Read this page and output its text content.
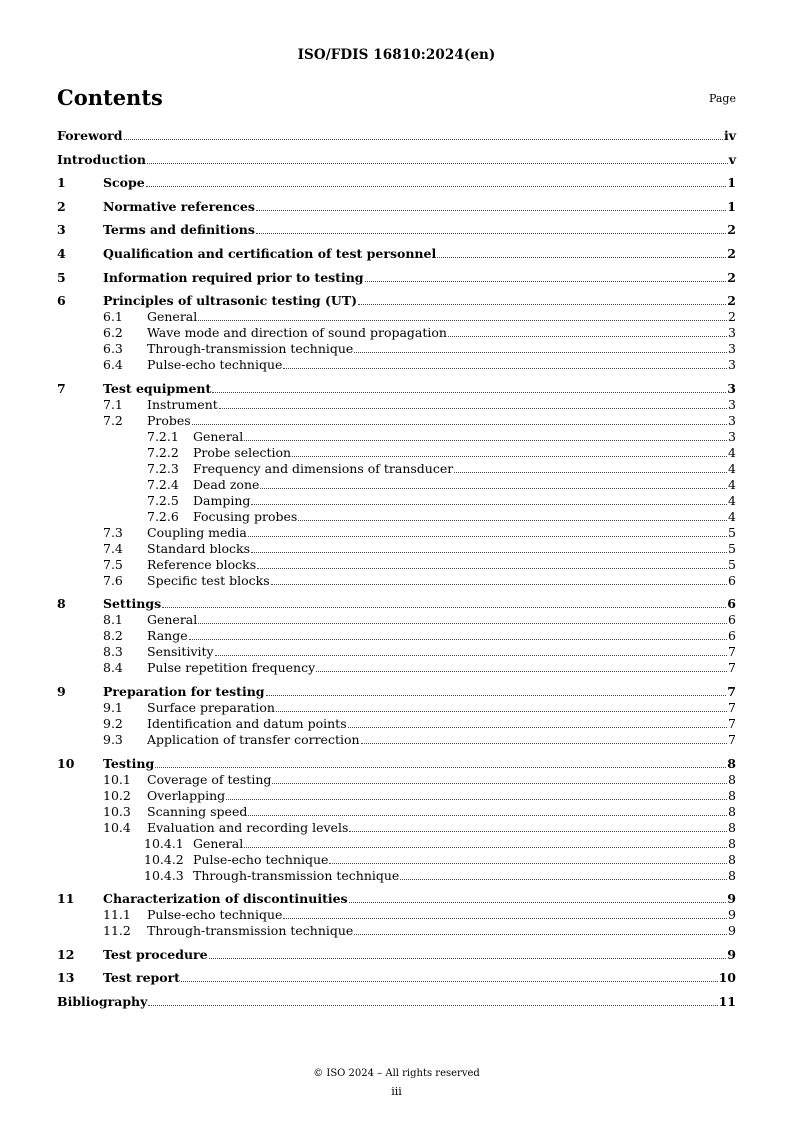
ISO/FDIS 16810:2024(en)
Contents	Page
Foreword	iv
Introduction	v
1	Scope	1
2	Normative references	1
3	Terms and definitions	2
4	Qualification and certification of test personnel	2
5	Information required prior to testing	2
6	Principles of ultrasonic testing (UT)	2
6.1	General	2
6.2	Wave mode and direction of sound propagation	3
6.3	Through-transmission technique	3
6.4	Pulse-echo technique	3
7	Test equipment	3
7.1	Instrument	3
7.2	Probes	3
7.2.1	General	3
7.2.2	Probe selection	4
7.2.3	Frequency and dimensions of transducer	4
7.2.4	Dead zone	4
7.2.5	Damping	4
7.2.6	Focusing probes	4
7.3	Coupling media	5
7.4	Standard blocks	5
7.5	Reference blocks	5
7.6	Specific test blocks	6
8	Settings	6
8.1	General	6
8.2	Range	6
8.3	Sensitivity	7
8.4	Pulse repetition frequency	7
9	Preparation for testing	7
9.1	Surface preparation	7
9.2	Identification and datum points	7
9.3	Application of transfer correction	7
10	Testing	8
10.1	Coverage of testing	8
10.2	Overlapping	8
10.3	Scanning speed	8
10.4	Evaluation and recording levels	8
10.4.1 General	8
10.4.2 Pulse-echo technique	8
10.4.3 Through-transmission technique	8
11	Characterization of discontinuities	9
11.1	Pulse-echo technique	9
11.2	Through-transmission technique	9
12	Test procedure	9
13	Test report	10
Bibliography	11
© ISO 2024 – All rights reserved
iii
